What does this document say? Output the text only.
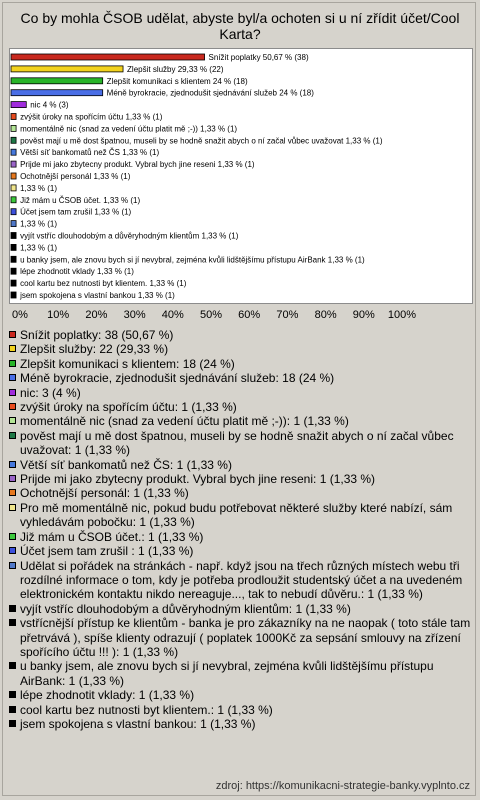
Co by mohla ČSOB udělat, abyste byl/a ochoten si u ní zřídit účet/Cool Karta?
Snížit poplatky 50,67 % (38)
Zlepšit služby 29,33 % (22)
Zlepšit komunikaci s klientem 24 % (18)
Méně byrokracie, zjednodušit sjednávání služeb 24 % (18)
nic 4 % (3)
zvýšit úroky na spořícím účtu 1,33 % (1)
momentálně nic (snad za vedení účtu platit mě ;-)) 1,33 % (1)
pověst mají u mě dost špatnou, museli by se hodně snažit abych o ní začal vůbec uvažovat 1,33 % (1)
Větší síť bankomatů než ČS 1,33 % (1)
Prijde mi jako zbytecny produkt. Vybral bych jine reseni 1,33 % (1)
Ochotnější personál 1,33 % (1)
1,33 % (1)
Již mám u ČSOB účet. 1,33 % (1)
Účet jsem tam zrušil 1,33 % (1)
1,33 % (1)
vyjít vstříc dlouhodobým a důvěryhodným klientům 1,33 % (1)
1,33 % (1)
u banky jsem, ale znovu bych si jí nevybral, zejména kvůli lidštějšímu přístupu AirBank 1,33 % (1)
lépe zhodnotit vklady 1,33 % (1)
cool kartu bez nutnosti byt klientem. 1,33 % (1)
jsem spokojena s vlastní bankou 1,33 % (1)
0% 10% 20% 30% 40% 50% 60% 70% 80% 90% 100%
Snížit poplatky: 38 (50,67 %)
Zlepšit služby: 22 (29,33 %)
Zlepšit komunikaci s klientem: 18 (24 %)
Méně byrokracie, zjednodušit sjednávání služeb: 18 (24 %)
nic: 3 (4 %)
zvýšit úroky na spořícím účtu: 1 (1,33 %)
momentálně nic (snad za vedení účtu platit mě ;-)): 1 (1,33 %)
pověst mají u mě dost špatnou, museli by se hodně snažit abych o ní začal vůbec uvažovat: 1 (1,33 %)
Větší síť bankomatů než ČS: 1 (1,33 %)
Prijde mi jako zbytecny produkt. Vybral bych jine reseni: 1 (1,33 %)
Ochotnější personál: 1 (1,33 %)
Pro mě momentálně nic, pokud budu potřebovat některé služby které nabízí, sám vyhledávám pobočku: 1 (1,33 %)
Již mám u ČSOB účet.: 1 (1,33 %)
Účet jsem tam zrušil : 1 (1,33 %)
Udělat si pořádek na stránkách - např. když jsou na třech různých místech webu tři rozdílné informace o tom, kdy je potřeba prodloužit studentský účet a na uvedeném elektronickém kontaktu nikdo nereaguje..., tak to nebudí důvěru.: 1 (1,33 %)
vyjít vstříc dlouhodobým a důvěryhodným klientům: 1 (1,33 %)
vstřícnější přístup ke klientům - banka je pro zákazníky na ne naopak ( toto stále tam přetrvává ), spíše klienty odrazují ( poplatek 1000Kč za sepsání smlouvy na zřízení spořícího účtu !!! ): 1 (1,33 %)
u banky jsem, ale znovu bych si jí nevybral, zejména kvůli lidštějšímu přístupu AirBank: 1 (1,33 %)
lépe zhodnotit vklady: 1 (1,33 %)
cool kartu bez nutnosti byt klientem.: 1 (1,33 %)
jsem spokojena s vlastní bankou: 1 (1,33 %)
zdroj: https://komunikacni-strategie-banky.vyplnto.cz
